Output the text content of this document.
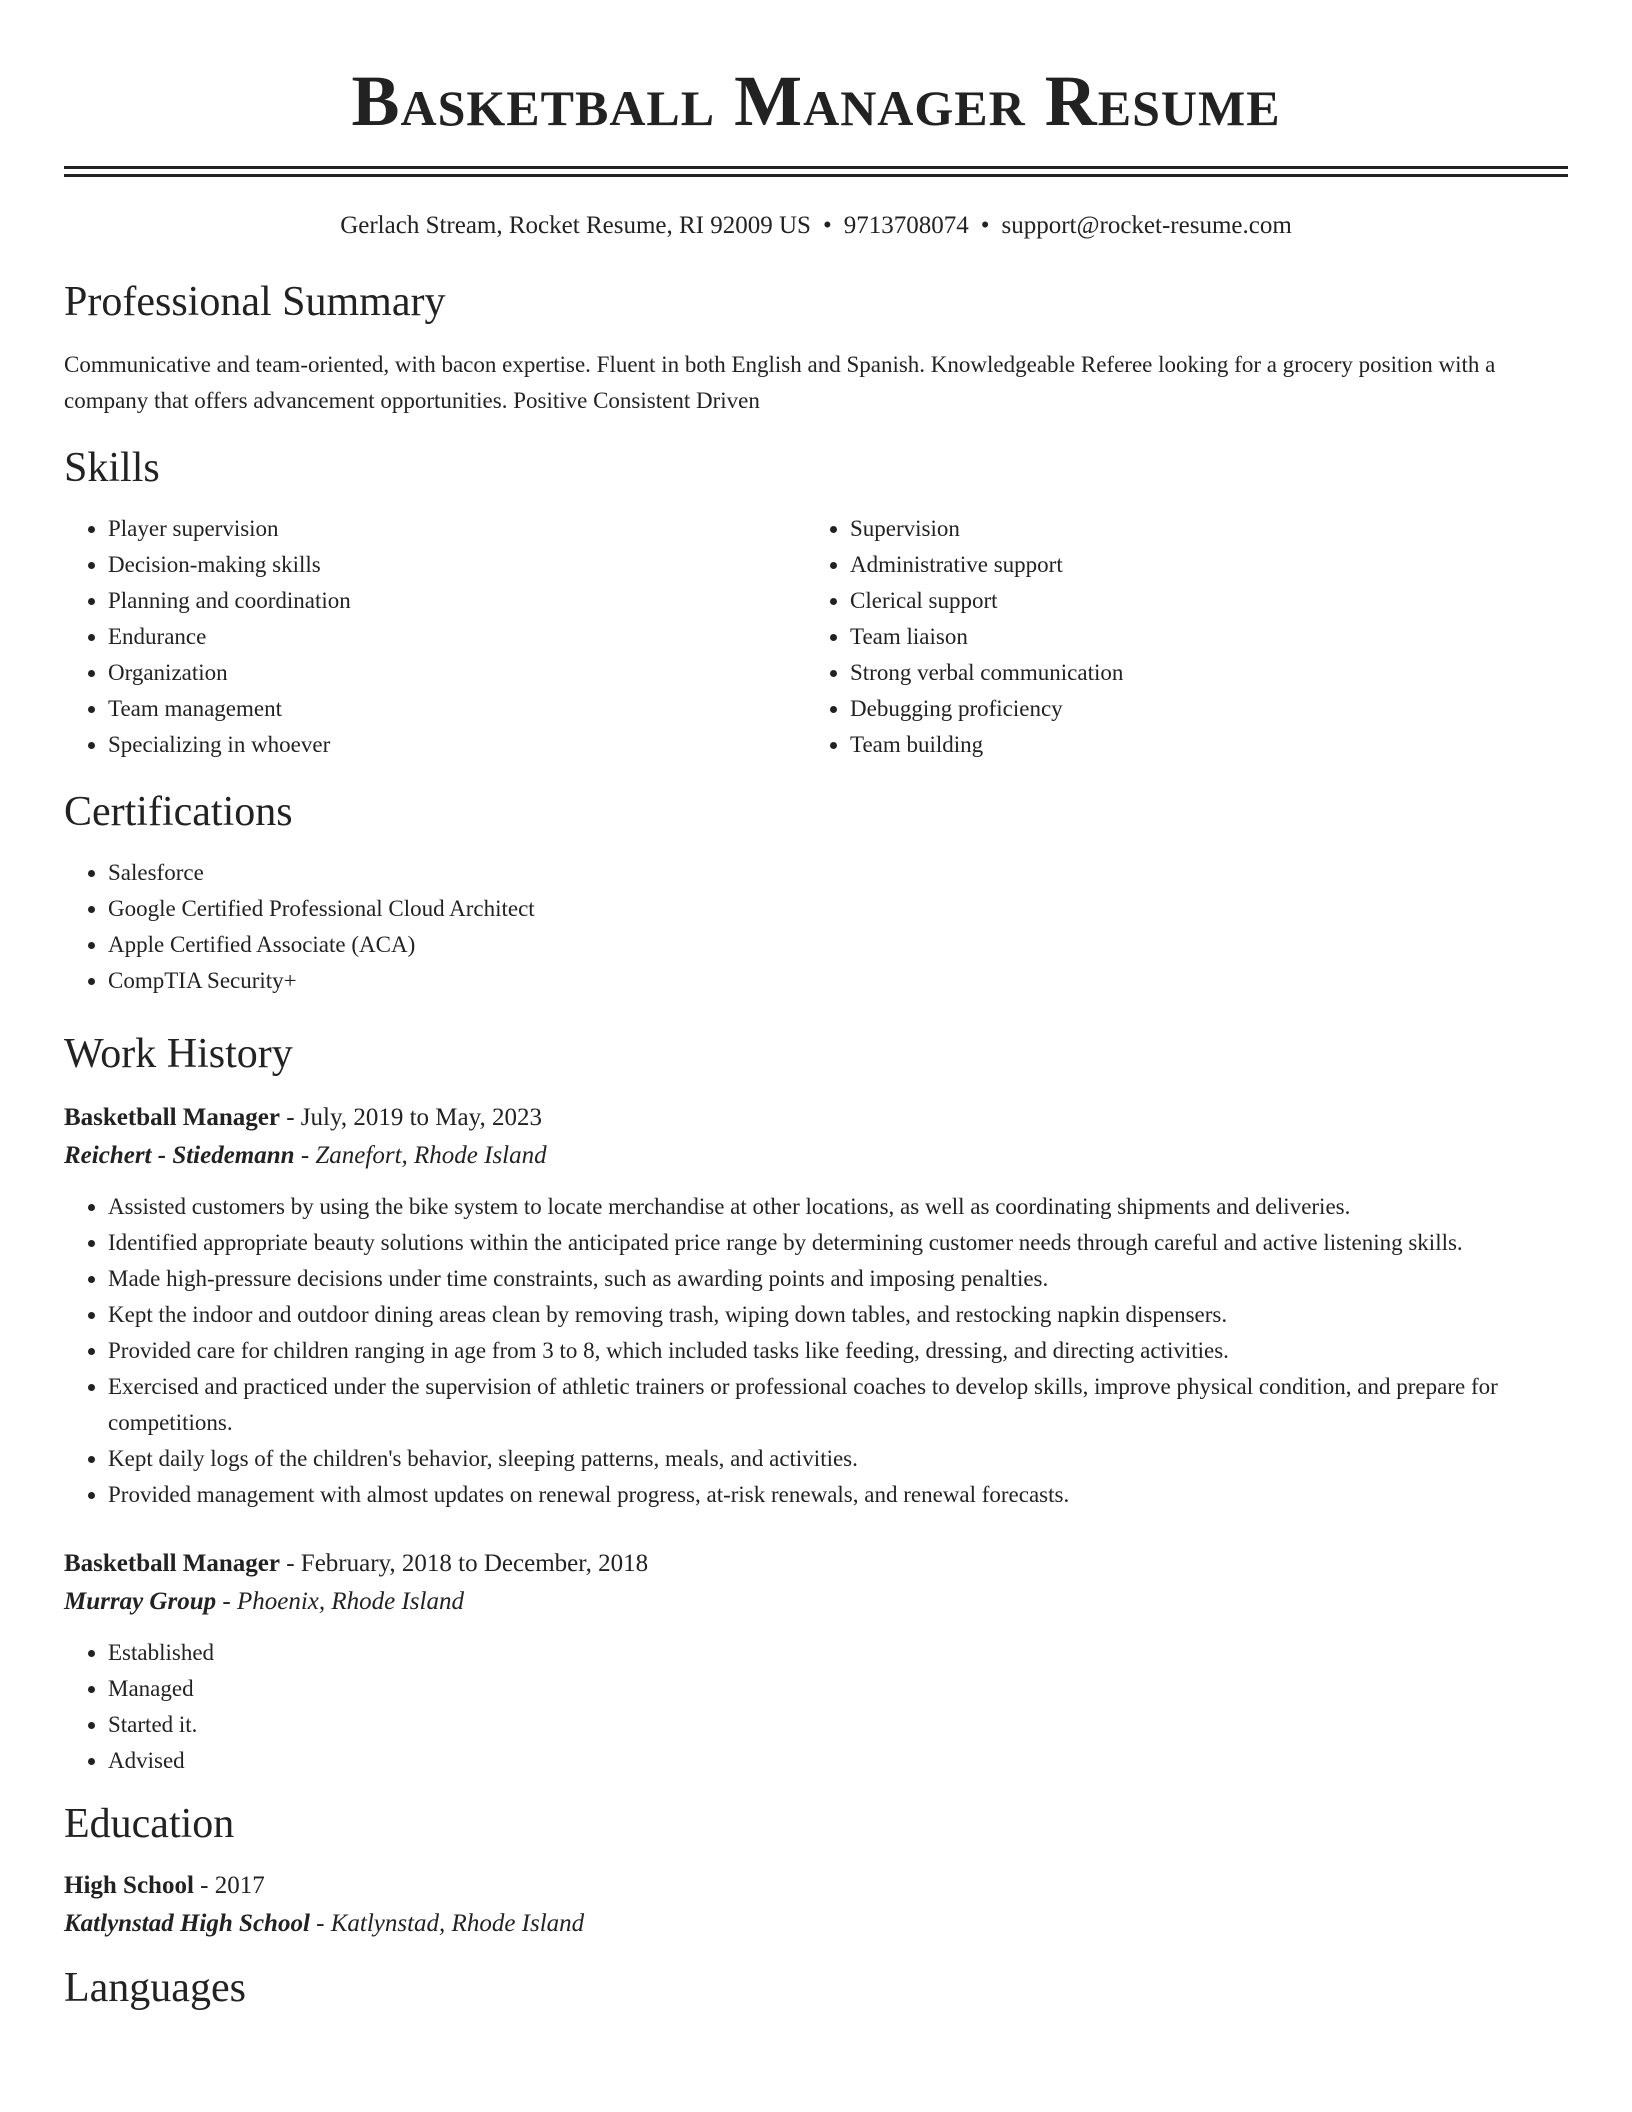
Basketball Manager Resume
Gerlach Stream, Rocket Resume, RI 92009 US • 9713708074 • support@rocket-resume.com
Professional Summary

Communicative and team-oriented, with bacon expertise. Fluent in both English and Spanish. Knowledgeable Referee looking for a grocery position with a company that offers advancement opportunities. Positive Consistent Driven

Skills
• Player supervision
• Decision-making skills
• Planning and coordination
• Endurance
• Organization
• Team management
• Specializing in whoever
• Supervision
• Administrative support
• Clerical support
• Team liaison
• Strong verbal communication
• Debugging proficiency
• Team building
Certifications
• Salesforce
• Google Certified Professional Cloud Architect
• Apple Certified Associate (ACA)
• CompTIA Security+
Work History
Basketball Manager - July, 2019 to May, 2023
Reichert - Stiedemann - Zanefort, Rhode Island
• Assisted customers by using the bike system to locate merchandise at other locations, as well as coordinating shipments and deliveries.
• Identified appropriate beauty solutions within the anticipated price range by determining customer needs through careful and active listening skills.
• Made high-pressure decisions under time constraints, such as awarding points and imposing penalties.
• Kept the indoor and outdoor dining areas clean by removing trash, wiping down tables, and restocking napkin dispensers.
• Provided care for children ranging in age from 3 to 8, which included tasks like feeding, dressing, and directing activities.
• Exercised and practiced under the supervision of athletic trainers or professional coaches to develop skills, improve physical condition, and prepare for competitions.
• Kept daily logs of the children's behavior, sleeping patterns, meals, and activities.
• Provided management with almost updates on renewal progress, at-risk renewals, and renewal forecasts.
Basketball Manager - February, 2018 to December, 2018
Murray Group - Phoenix, Rhode Island
• Established
• Managed
• Started it.
• Advised
Education
High School - 2017
Katlynstad High School - Katlynstad, Rhode Island
Languages
